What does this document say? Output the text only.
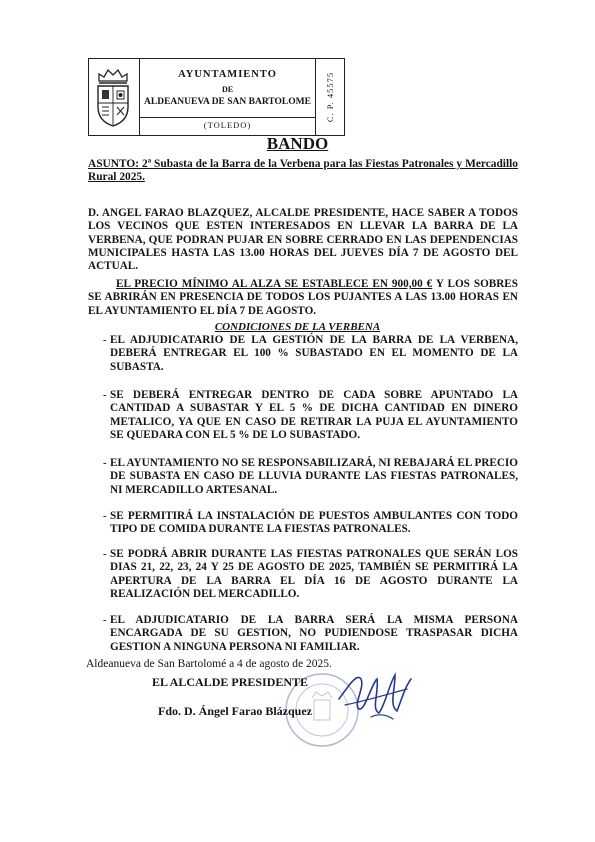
AYUNTAMIENTO
DE
ALDEANUEVA DE SAN BARTOLOME
(TOLEDO)
C. P. 45575
BANDO
ASUNTO: 2ª Subasta de la Barra de la Verbena para las Fiestas Patronales y Mercadillo Rural 2025.
D. ANGEL FARAO BLAZQUEZ, ALCALDE PRESIDENTE, HACE SABER A TODOS LOS VECINOS QUE ESTEN INTERESADOS EN LLEVAR LA BARRA DE LA VERBENA, QUE PODRAN PUJAR EN SOBRE CERRADO EN LAS DEPENDENCIAS MUNICIPALES HASTA LAS 13.00 HORAS DEL JUEVES DÍA 7 DE AGOSTO DEL ACTUAL.
EL PRECIO MÍNIMO AL ALZA SE ESTABLECE EN 900,00 € Y LOS SOBRES SE ABRIRÁN EN PRESENCIA DE TODOS LOS PUJANTES A LAS 13.00 HORAS EN EL AYUNTAMIENTO EL DÍA 7 DE AGOSTO.
CONDICIONES DE LA VERBENA
- EL ADJUDICATARIO DE LA GESTIÓN DE LA BARRA DE LA VERBENA, DEBERÁ ENTREGAR EL 100 % SUBASTADO EN EL MOMENTO DE LA SUBASTA.
- SE DEBERÁ ENTREGAR DENTRO DE CADA SOBRE APUNTADO LA CANTIDAD A SUBASTAR Y EL 5 % DE DICHA CANTIDAD EN DINERO METALICO, YA QUE EN CASO DE RETIRAR LA PUJA EL AYUNTAMIENTO SE QUEDARA CON EL 5 % DE LO SUBASTADO.
- EL AYUNTAMIENTO NO SE RESPONSABILIZARÁ, NI REBAJARÁ EL PRECIO DE SUBASTA EN CASO DE LLUVIA DURANTE LAS FIESTAS PATRONALES, NI MERCADILLO ARTESANAL.
- SE PERMITIRÁ LA INSTALACIÓN DE PUESTOS AMBULANTES CON TODO TIPO DE COMIDA DURANTE LA FIESTAS PATRONALES.
- SE PODRÁ ABRIR DURANTE LAS FIESTAS PATRONALES QUE SERÁN LOS DIAS 21, 22, 23, 24 Y 25 DE AGOSTO DE 2025, TAMBIÉN SE PERMITIRÁ LA APERTURA DE LA BARRA EL DÍA 16 DE AGOSTO DURANTE LA REALIZACIÓN DEL MERCADILLO.
- EL ADJUDICATARIO DE LA BARRA SERÁ LA MISMA PERSONA ENCARGADA DE SU GESTION, NO PUDIENDOSE TRASPASAR DICHA GESTION A NINGUNA PERSONA NI FAMILIAR.
Aldeanueva de San Bartolomé a 4 de agosto de 2025.
EL ALCALDE PRESIDENTE
Fdo. D. Ángel Farao Blázquez
